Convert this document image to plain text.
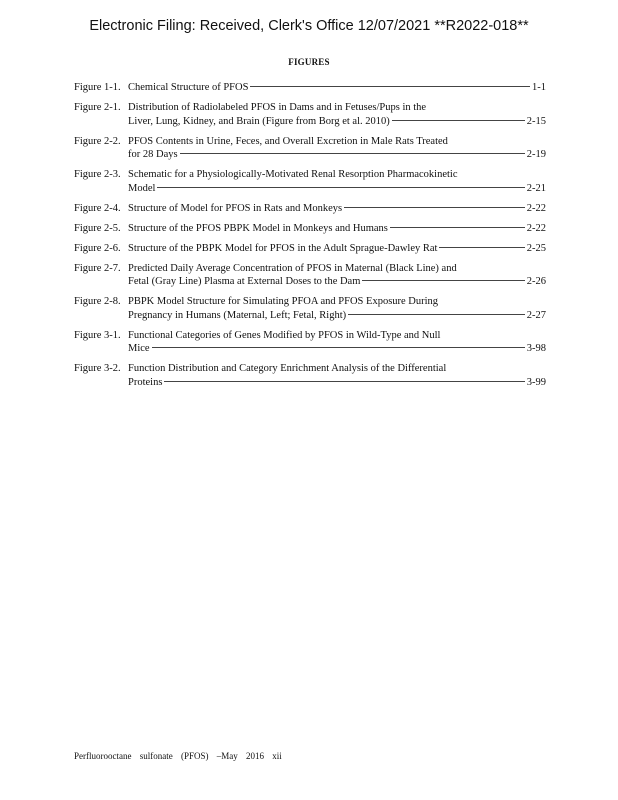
Electronic Filing: Received, Clerk's Office 12/07/2021 **R2022-018**
FIGURES
Figure 1-1. Chemical Structure of PFOS	1-1
Figure 2-1. Distribution of Radiolabeled PFOS in Dams and in Fetuses/Pups in the
Liver, Lung, Kidney, and Brain (Figure from Borg et al. 2010)	2-15
Figure 2-2. PFOS Contents in Urine, Feces, and Overall Excretion in Male Rats Treated
for 28 Days	2-19
Figure 2-3. Schematic for a Physiologically-Motivated Renal Resorption Pharmacokinetic
Model	2-21
Figure 2-4. Structure of Model for PFOS in Rats and Monkeys	2-22
Figure 2-5. Structure of the PFOS PBPK Model in Monkeys and Humans	2-22
Figure 2-6. Structure of the PBPK Model for PFOS in the Adult Sprague-Dawley Rat	2-25
Figure 2-7. Predicted Daily Average Concentration of PFOS in Maternal (Black Line) and
Fetal (Gray Line) Plasma at External Doses to the Dam	2-26
Figure 2-8. PBPK Model Structure for Simulating PFOA and PFOS Exposure During
Pregnancy in Humans (Maternal, Left; Fetal, Right)	2-27
Figure 3-1. Functional Categories of Genes Modified by PFOS in Wild-Type and Null
Mice	3-98
Figure 3-2. Function Distribution and Category Enrichment Analysis of the Differential
Proteins	3-99
Perfluorooctane sulfonate (PFOS) –May 2016 xii
